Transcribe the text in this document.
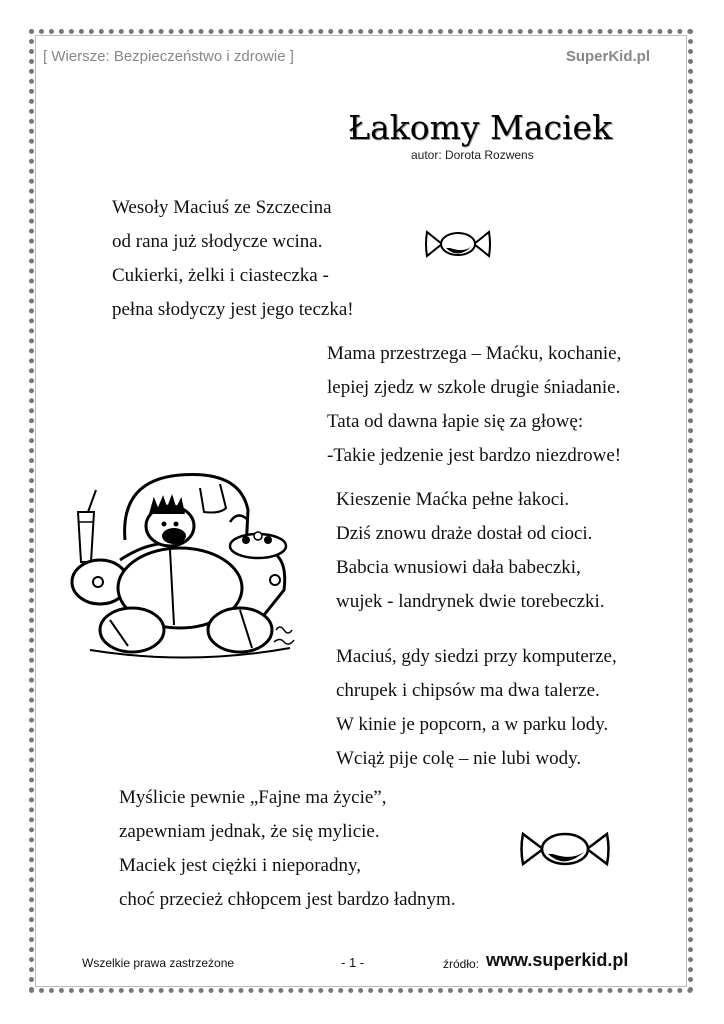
[ Wiersze: Bezpieczeństwo i zdrowie ]	SuperKid.pl
Łakomy Maciek
autor: Dorota Rozwens
Wesoły Maciuś ze Szczecina
od rana już słodycze wcina.
Cukierki, żelki i ciasteczka -
pełna słodyczy jest jego teczka!
Mama przestrzega – Maćku, kochanie,
lepiej zjedz w szkole drugie śniadanie.
Tata od dawna łapie się za głowę:
-Takie jedzenie jest bardzo niezdrowe!
Kieszenie Maćka pełne łakoci.
Dziś znowu draże dostał od cioci.
Babcia wnusiowi dała babeczki,
wujek - landrynek dwie torebeczki.
Maciuś, gdy siedzi przy komputerze,
chrupek i chipsów ma dwa talerze.
W kinie je popcorn, a w parku lody.
Wciąż pije colę – nie lubi wody.
Myślicie pewnie „Fajne ma życie”,
zapewniam jednak, że się mylicie.
Maciek jest ciężki i nieporadny,
choć przecież chłopcem jest bardzo ładnym.
Wszelkie prawa zastrzeżone	- 1 -	źródło: www.superkid.pl
